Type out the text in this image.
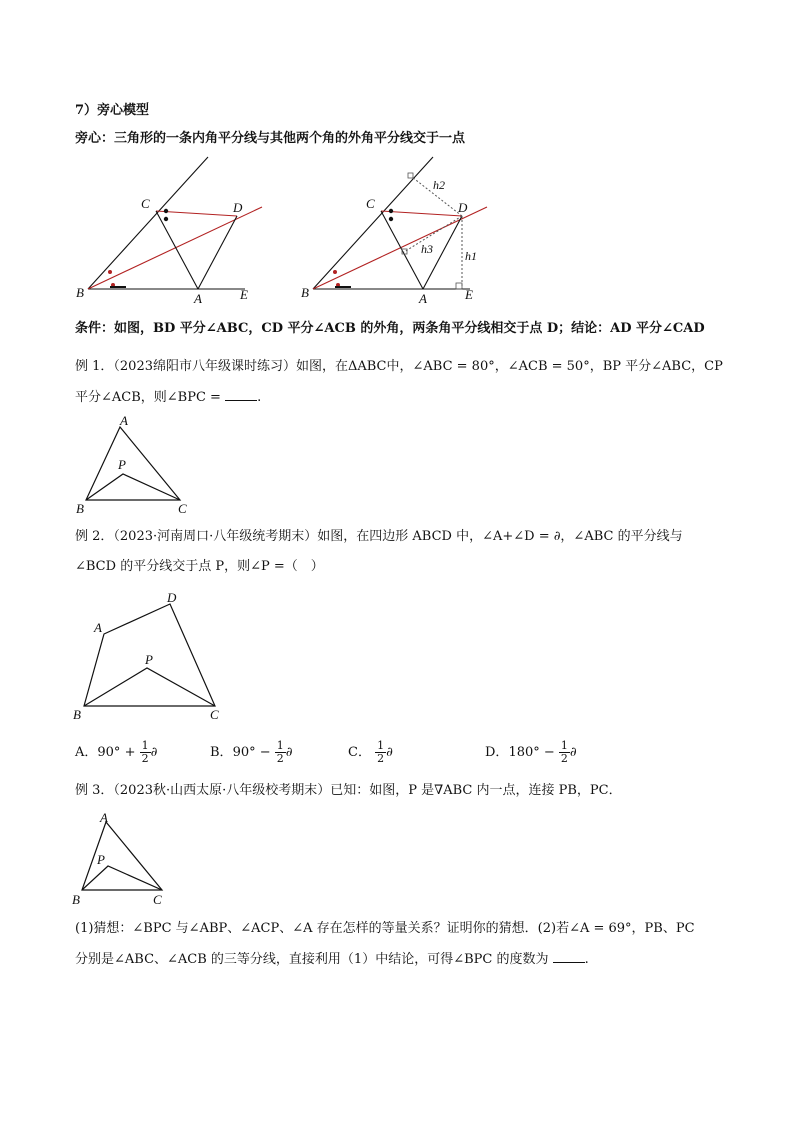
7）旁心模型
旁心：三角形的一条内角平分线与其他两个角的外角平分线交于一点
C	D
B	A	E
C	D
B	A	E
h2
h1
h3
条件：如图，BD 平分∠ABC，CD 平分∠ACB 的外角，两条角平分线相交于点 D；结论：AD 平分∠CAD
例 1．（2023绵阳市八年级课时练习）如图，在ΔABC中，∠ABC = 80°，∠ACB = 50°，BP 平分∠ABC，CP
平分∠ACB，则∠BPC =	.
A
P
B	C
例 2．（2023·河南周口·八年级统考期末）如图，在四边形 ABCD 中，∠A+∠D = ∂，∠ABC 的平分线与
∠BCD 的平分线交于点 P，则∠P =（　）
D
A
P
B	C
A．$90^\circ + \frac{1}{2}$ ∂	B．$90^\circ - \frac{1}{2}$ ∂	C． $\frac{1}{2}$ ∂	D．$180^\circ - \frac{1}{2}$ ∂
例 3．（2023秋·山西太原·八年级校考期末）已知：如图，P 是∇ABC 内一点，连接 PB，PC．
A
P
B	C
(1)猜想：∠BPC 与∠ABP、∠ACP、∠A 存在怎样的等量关系？证明你的猜想．(2)若∠A = 69°，PB、PC
分别是∠ABC、∠ACB 的三等分线，直接利用（1）中结论，可得∠BPC 的度数为	.
